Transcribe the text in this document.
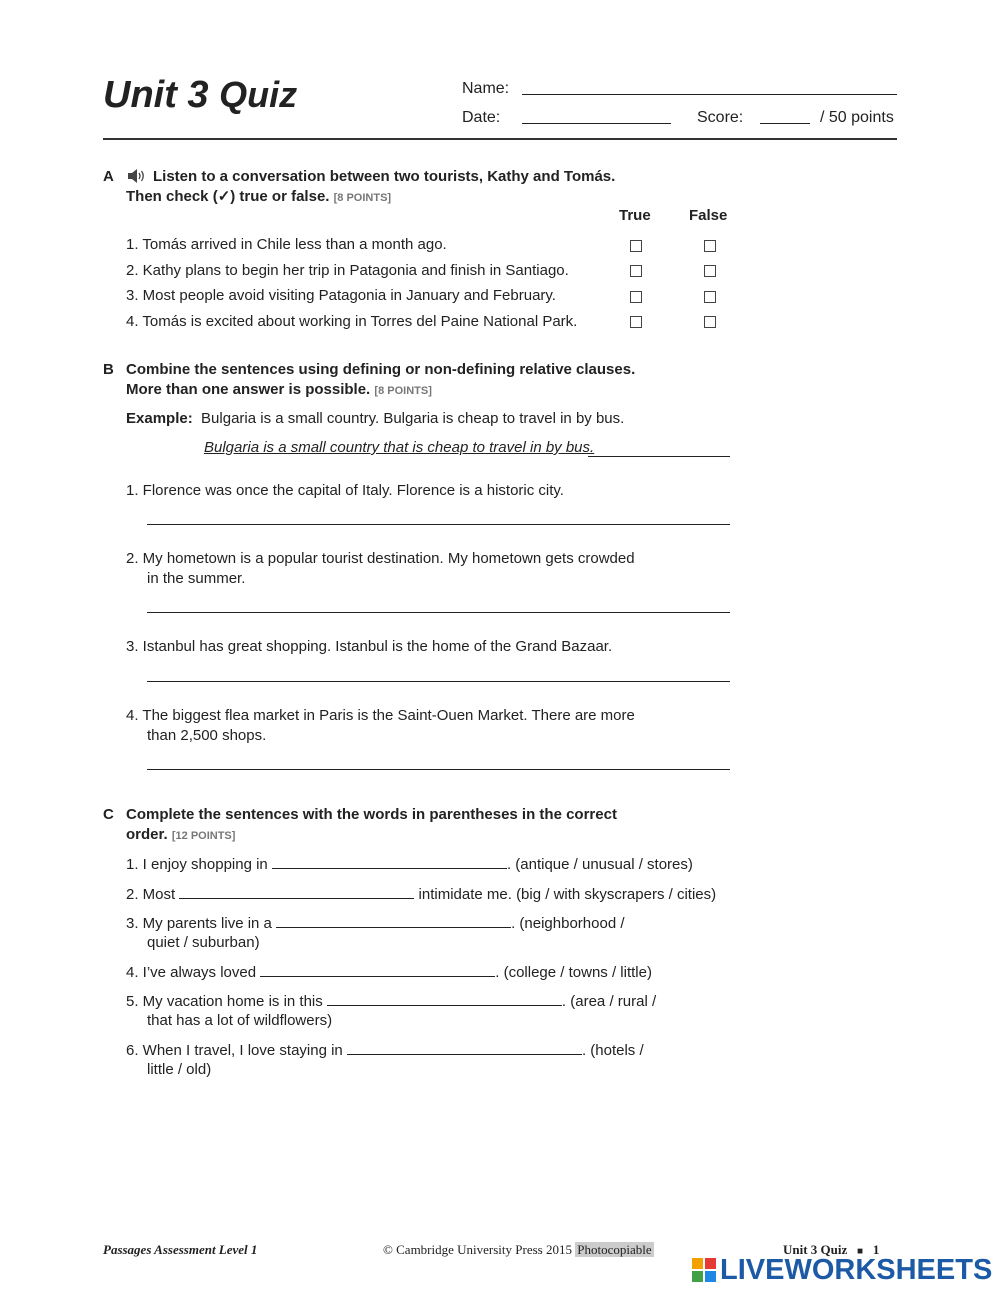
Unit 3 Quiz	Name:
Date:	Score:	/ 50 points
A	Listen to a conversation between two tourists, Kathy and Tomás.
Then check (✓) true or false. [8 POINTS]
True	False
1. Tomás arrived in Chile less than a month ago.
2. Kathy plans to begin her trip in Patagonia and finish in Santiago.
3. Most people avoid visiting Patagonia in January and February.
4. Tomás is excited about working in Torres del Paine National Park.
B Combine the sentences using defining or non-defining relative clauses.
More than one answer is possible. [8 POINTS]
Example: Bulgaria is a small country. Bulgaria is cheap to travel in by bus.
Bulgaria is a small country that is cheap to travel in by bus.
1. Florence was once the capital of Italy. Florence is a historic city.
2. My hometown is a popular tourist destination. My hometown gets crowded
in the summer.
3. Istanbul has great shopping. Istanbul is the home of the Grand Bazaar.
4. The biggest flea market in Paris is the Saint-Ouen Market. There are more
than 2,500 shops.
C Complete the sentences with the words in parentheses in the correct
order. [12 POINTS]
1. I enjoy shopping in	. (antique / unusual / stores)
2. Most	intimidate me. (big / with skyscrapers / cities)
3. My parents live in a	. (neighborhood /
quiet / suburban)
4. I’ve always loved	. (college / towns / little)
5. My vacation home is in this	. (area / rural /
that has a lot of wildflowers)
6. When I travel, I love staying in	. (hotels /
little / old)
Passages Assessment Level 1	© Cambridge University Press 2015 Photocopiable	Unit 3 Quiz ■ 1
LIVEWORKSHEETS
